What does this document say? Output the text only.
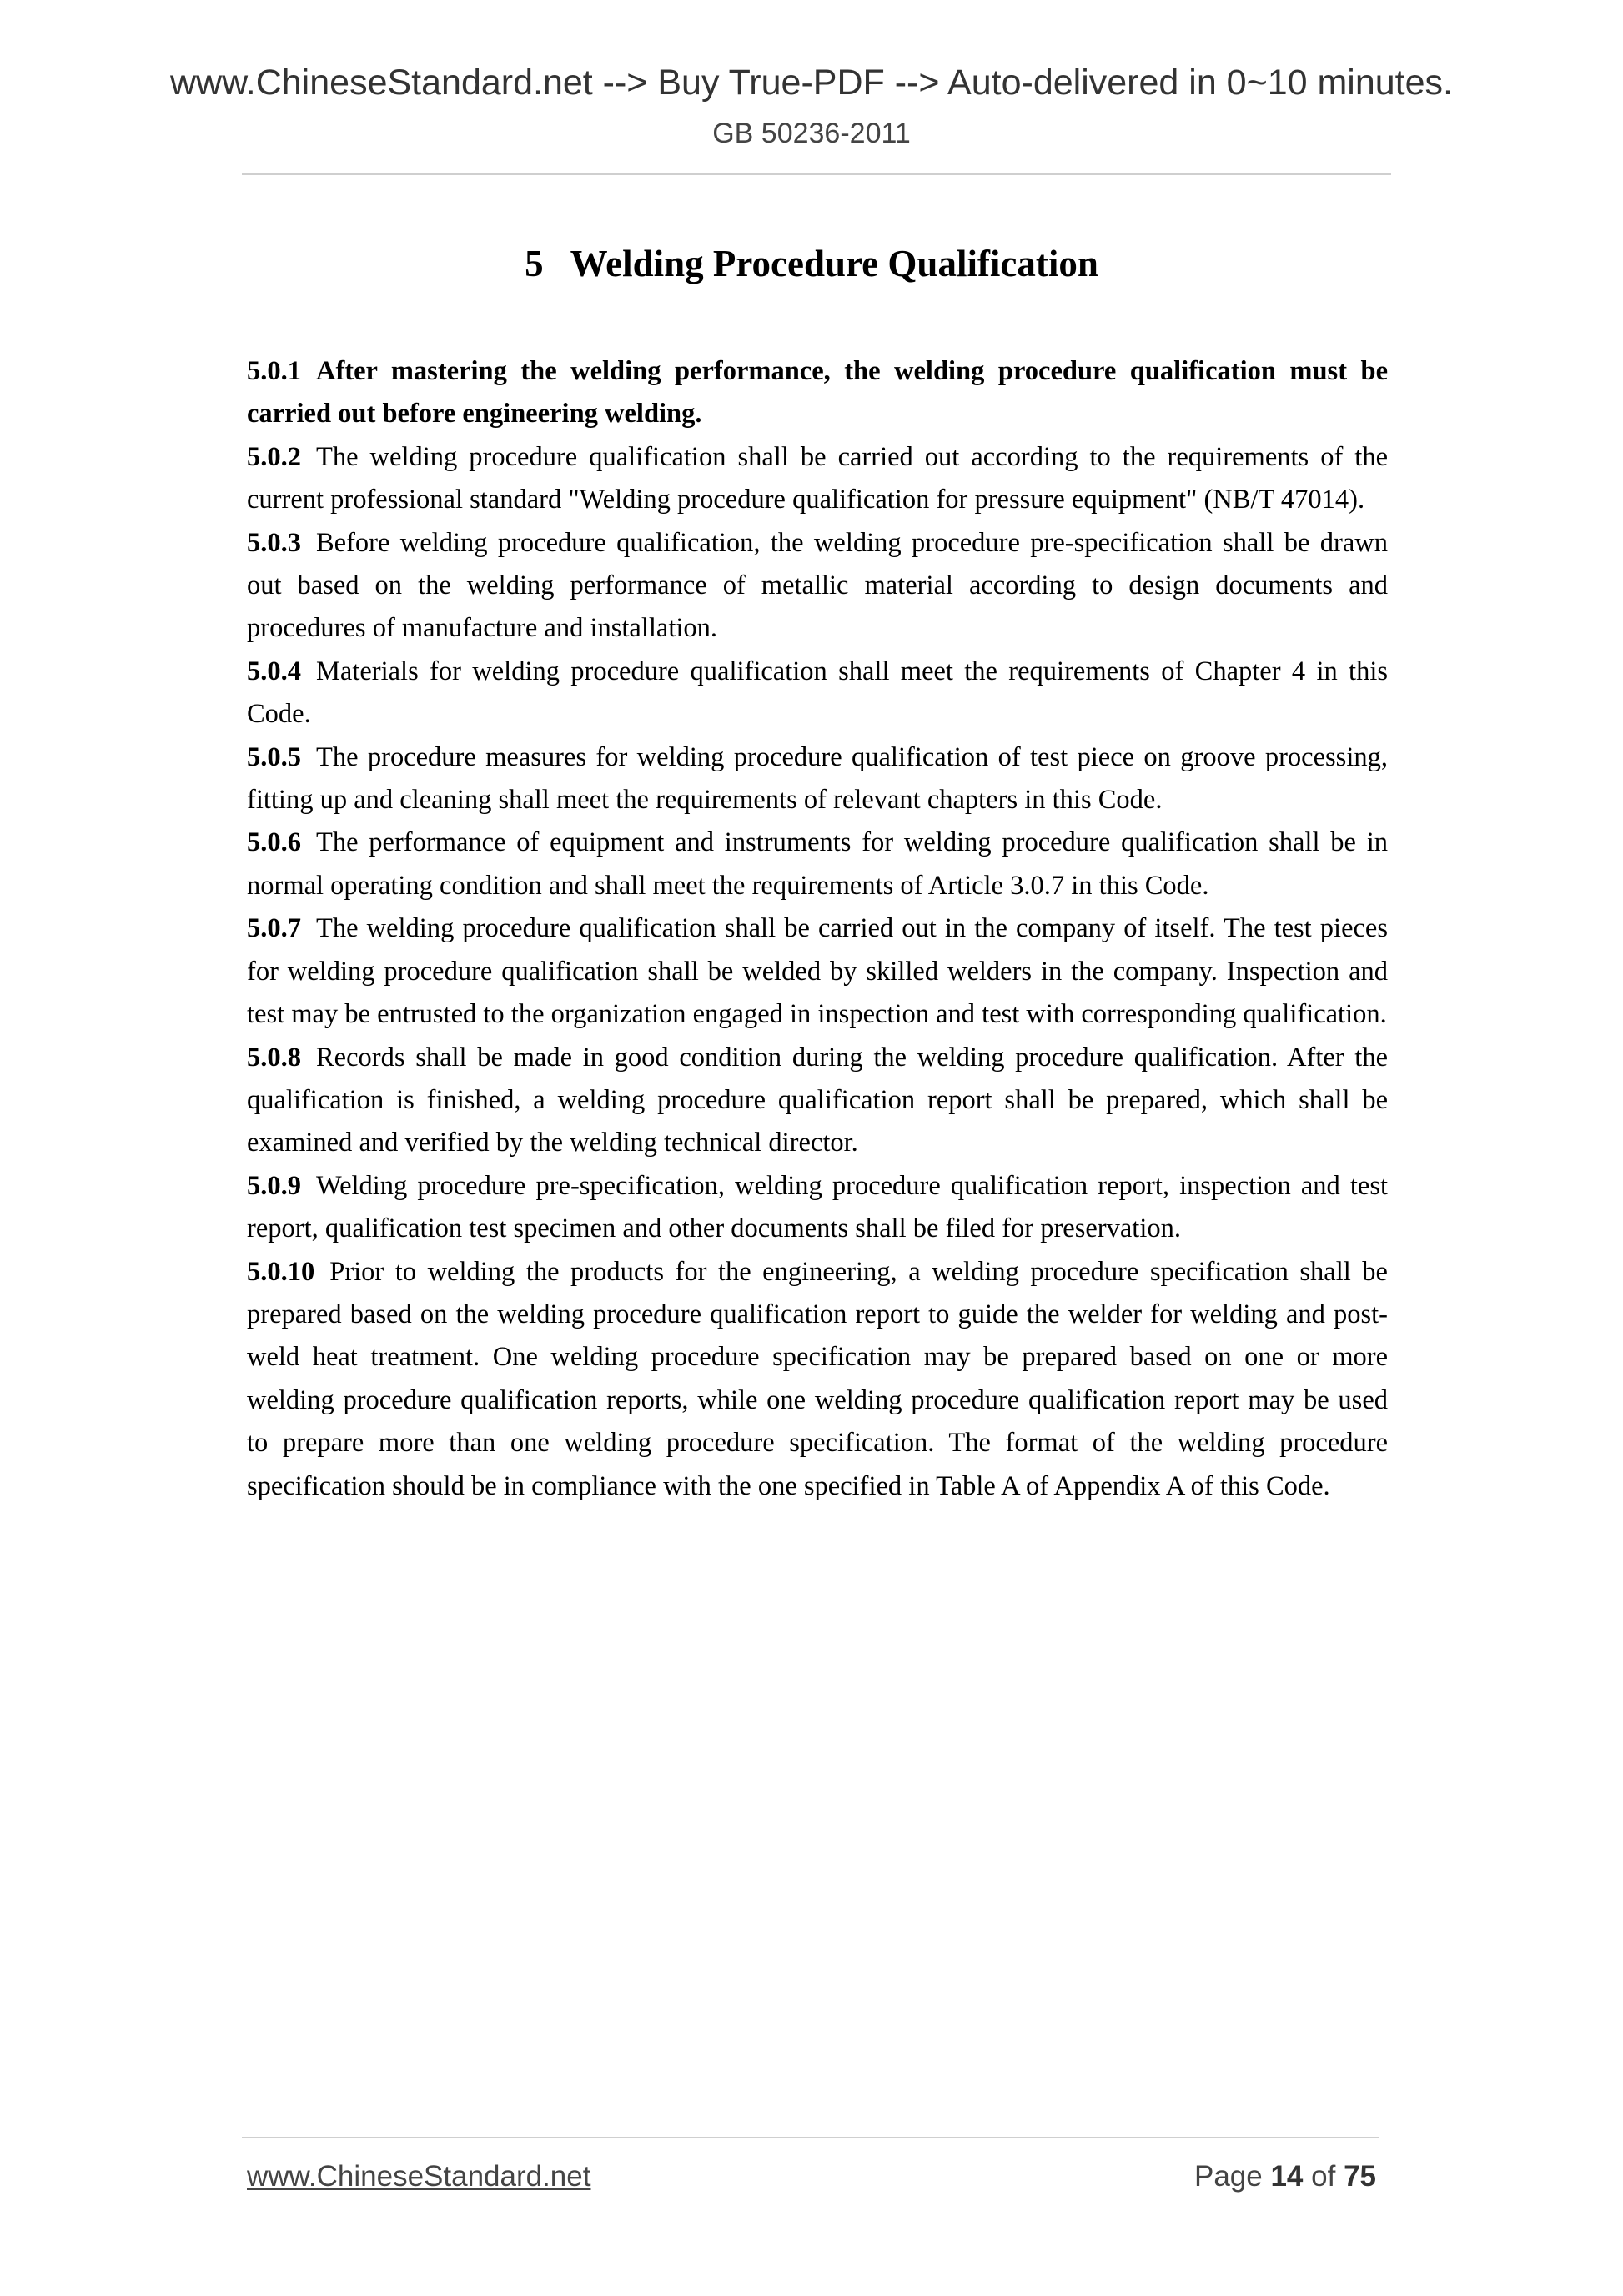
www.ChineseStandard.net --> Buy True-PDF --> Auto-delivered in 0~10 minutes.
GB 50236-2011
5 Welding Procedure Qualification

5.0.1 After mastering the welding performance, the welding procedure qualification must be carried out before engineering welding.

5.0.2 The welding procedure qualification shall be carried out according to the requirements of the current professional standard "Welding procedure qualification for pressure equipment" (NB/T 47014).

5.0.3 Before welding procedure qualification, the welding procedure pre-specification shall be drawn out based on the welding performance of metallic material according to design documents and procedures of manufacture and installation.

5.0.4 Materials for welding procedure qualification shall meet the requirements of Chapter 4 in this Code.

5.0.5 The procedure measures for welding procedure qualification of test piece on groove processing, fitting up and cleaning shall meet the requirements of relevant chapters in this Code.

5.0.6 The performance of equipment and instruments for welding procedure qualification shall be in normal operating condition and shall meet the requirements of Article 3.0.7 in this Code.

5.0.7 The welding procedure qualification shall be carried out in the company of itself. The test pieces for welding procedure qualification shall be welded by skilled welders in the company. Inspection and test may be entrusted to the organization engaged in inspection and test with corresponding qualification.

5.0.8 Records shall be made in good condition during the welding procedure qualification. After the qualification is finished, a welding procedure qualification report shall be prepared, which shall be examined and verified by the welding technical director.

5.0.9 Welding procedure pre-specification, welding procedure qualification report, inspection and test report, qualification test specimen and other documents shall be filed for preservation.

5.0.10 Prior to welding the products for the engineering, a welding procedure specification shall be prepared based on the welding procedure qualification report to guide the welder for welding and post-weld heat treatment. One welding procedure specification may be prepared based on one or more welding procedure qualification reports, while one welding procedure qualification report may be used to prepare more than one welding procedure specification. The format of the welding procedure specification should be in compliance with the one specified in Table A of Appendix A of this Code.

www.ChineseStandard.net	Page 14 of 75
